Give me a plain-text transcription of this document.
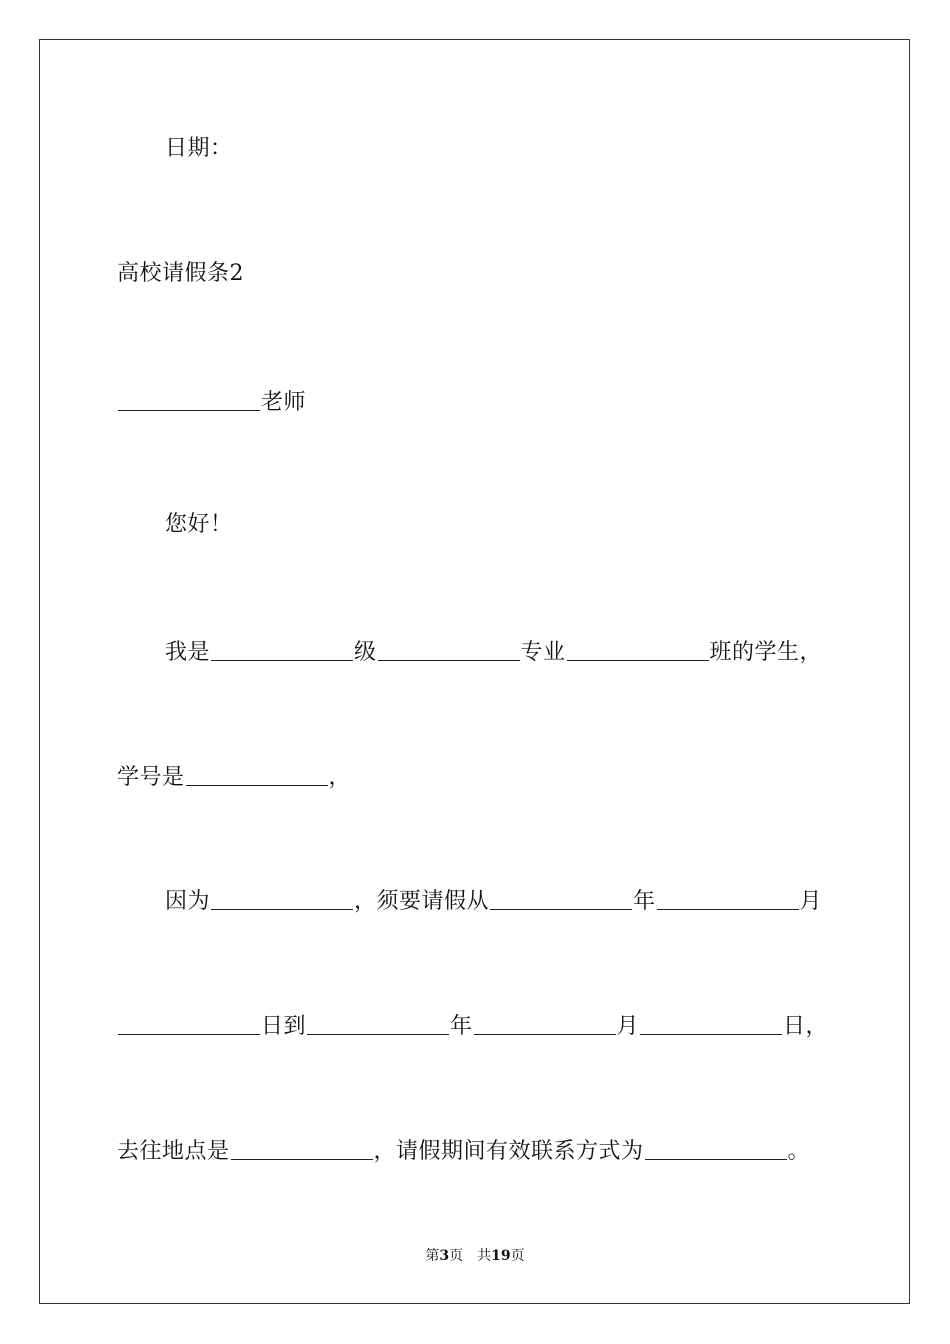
日期：
高校请假条2
老师
您好！
我是	级	专业	班的学生，
学号是	，
因为	，须要请假从	年	月
日到	年	月	日，
去往地点是	，请假期间有效联系方式为	。
第3页 共19页
